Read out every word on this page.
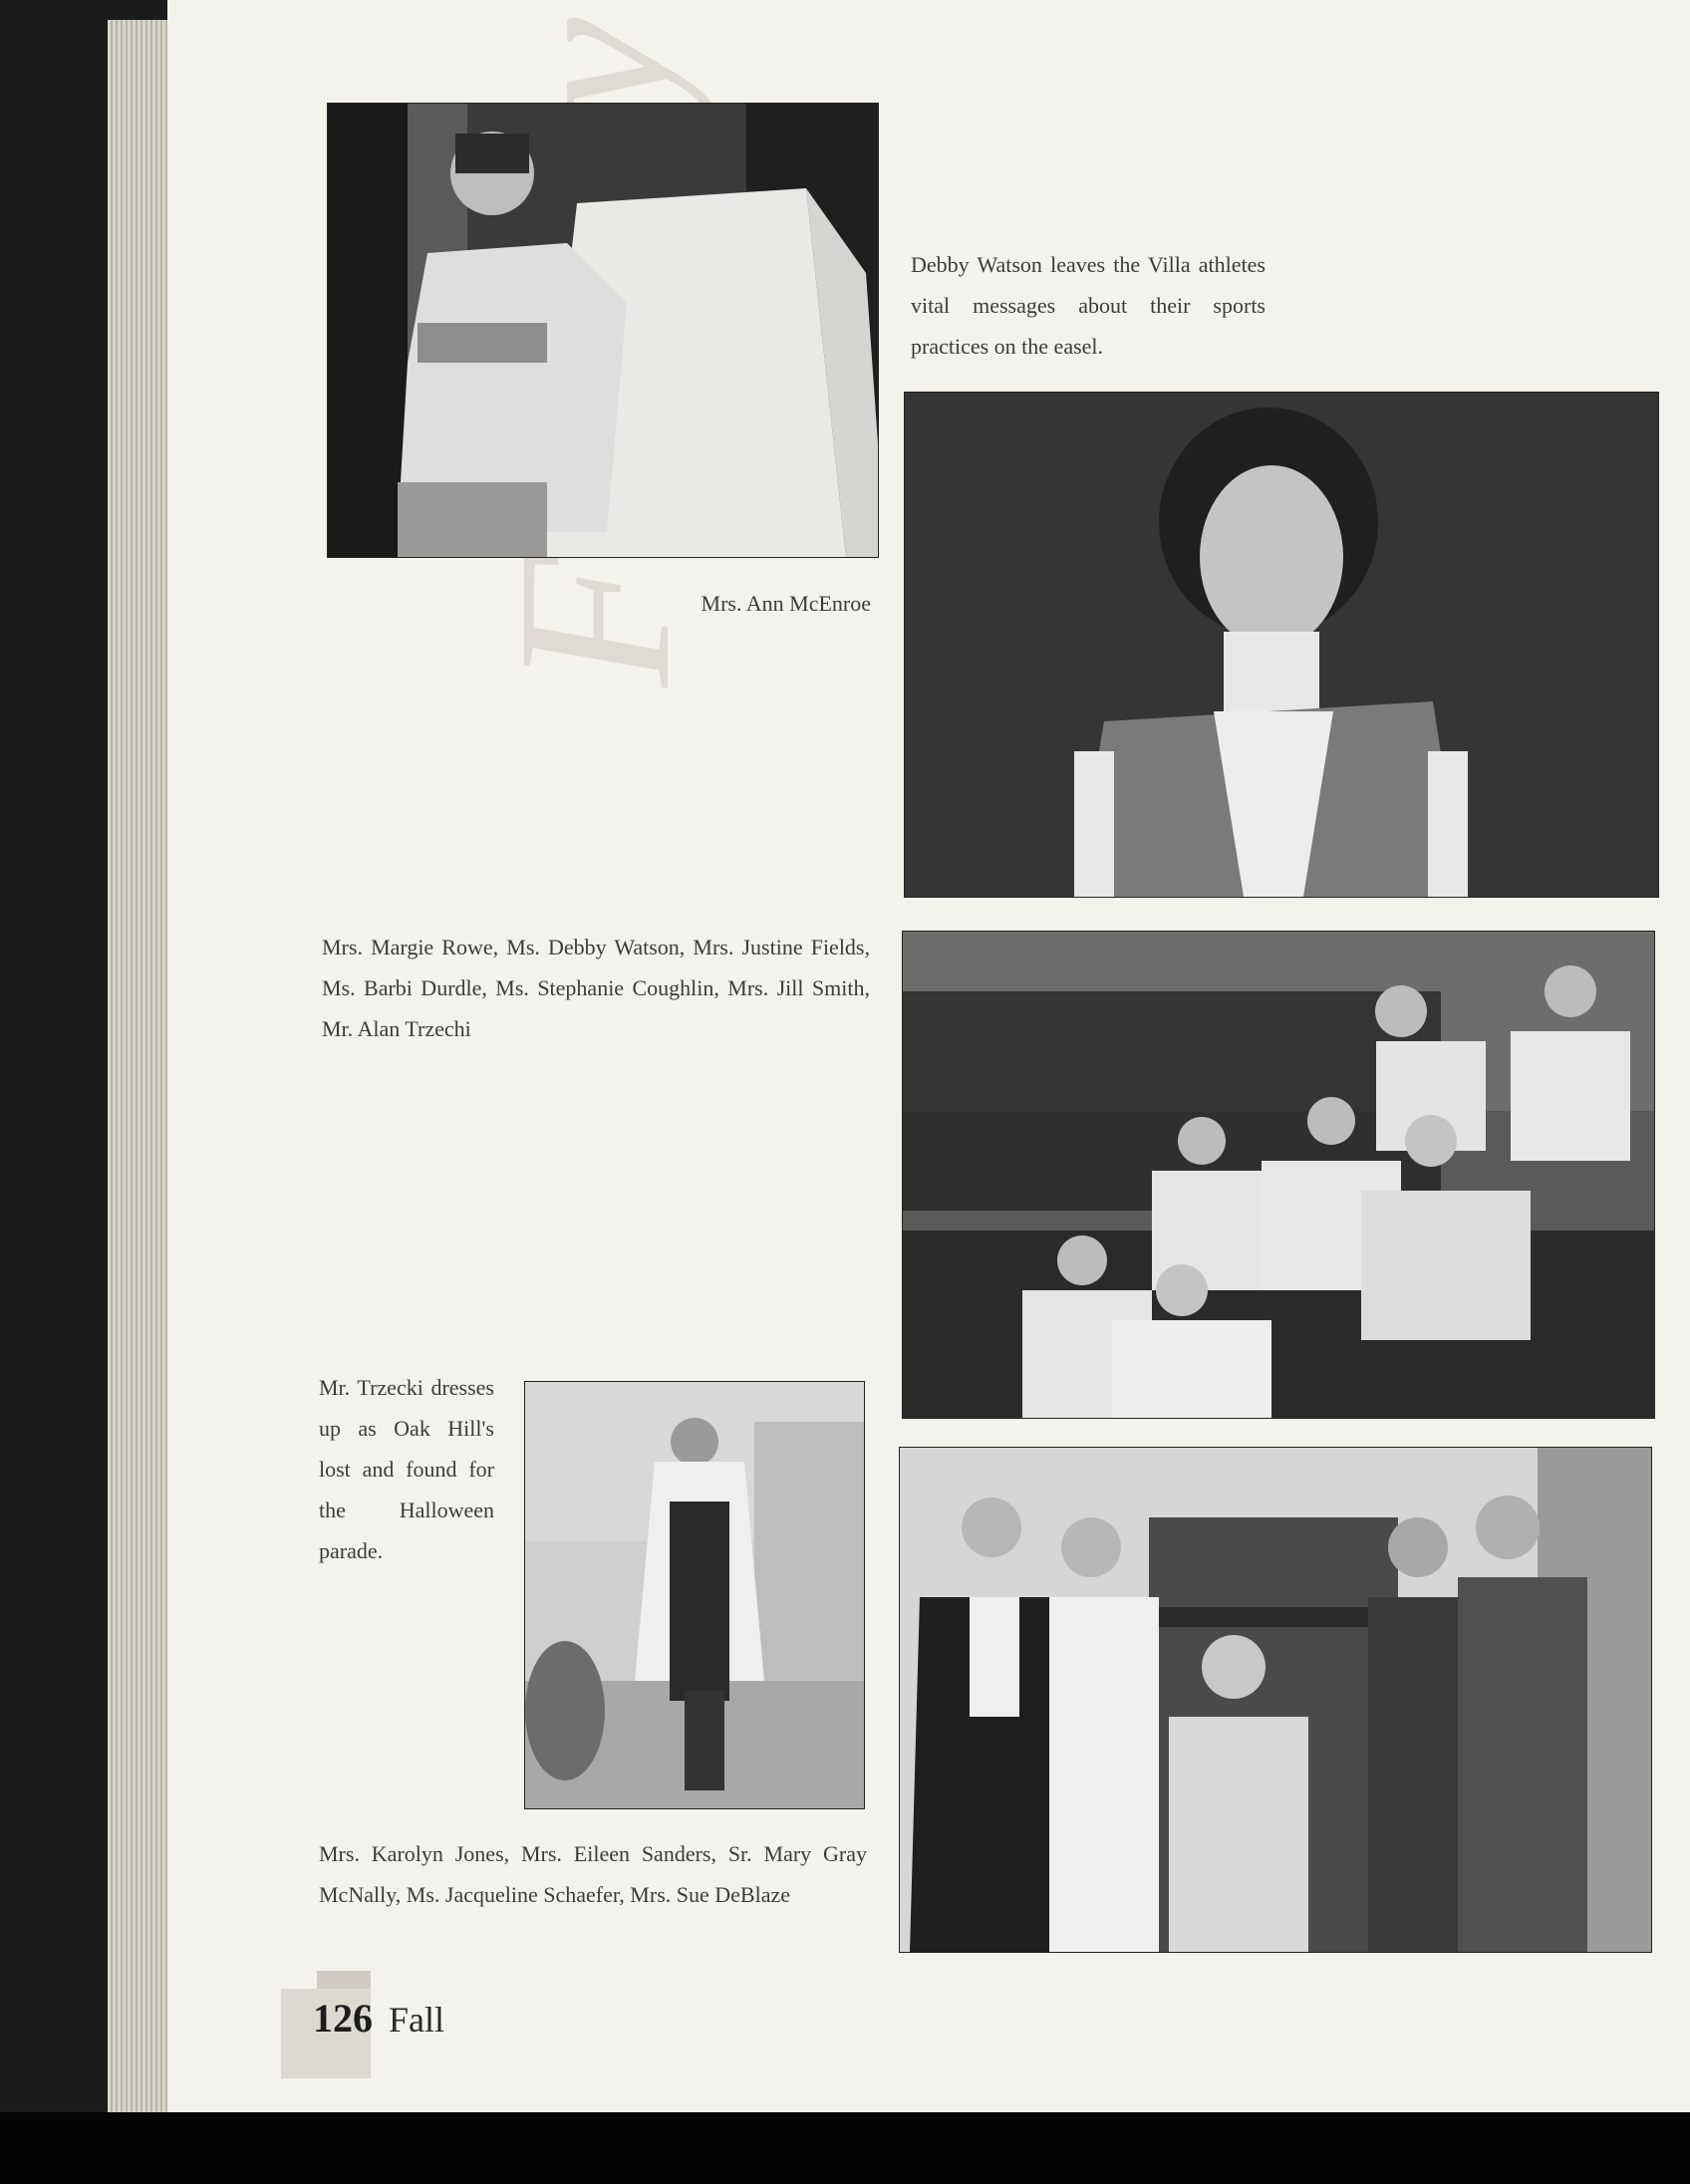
Debby Watson leaves the Villa athletes vital messages about their sports practices on the easel.
Mrs. Ann McEnroe
Mrs. Margie Rowe, Ms. Debby Watson, Mrs. Justine Fields, Ms. Barbi Durdle, Ms. Stephanie Coughlin, Mrs. Jill Smith, Mr. Alan Trzechi
Mr. Trzecki dresses up as Oak Hill's lost and found for the Halloween parade.
Mrs. Karolyn Jones, Mrs. Eileen Sanders, Sr. Mary Gray McNally, Ms. Jacqueline Schaefer, Mrs. Sue DeBlaze
126 Fall
